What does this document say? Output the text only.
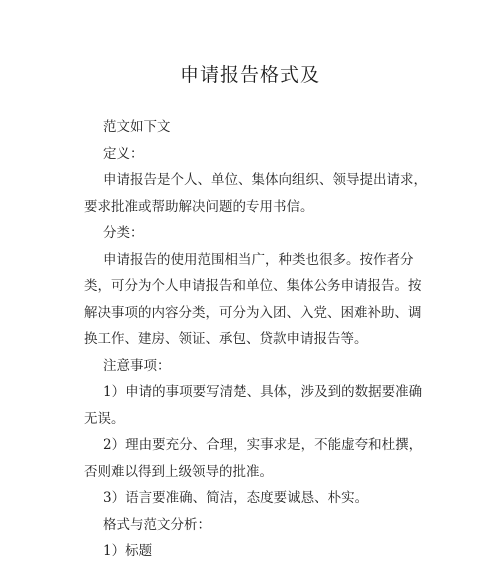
申请报告格式及
范文如下文
定义：
申请报告是个人、单位、集体向组织、领导提出请求，
要求批准或帮助解决问题的专用书信。
分类：
申请报告的使用范围相当广，种类也很多。按作者分
类，可分为个人申请报告和单位、集体公务申请报告。按
解决事项的内容分类，可分为入团、入党、困难补助、调
换工作、建房、领证、承包、贷款申请报告等。
注意事项：
1）申请的事项要写清楚、具体，涉及到的数据要准确
无误。
2）理由要充分、合理，实事求是，不能虚夸和杜撰，
否则难以得到上级领导的批准。
3）语言要准确、简洁，态度要诚恳、朴实。
格式与范文分析：
1）标题
